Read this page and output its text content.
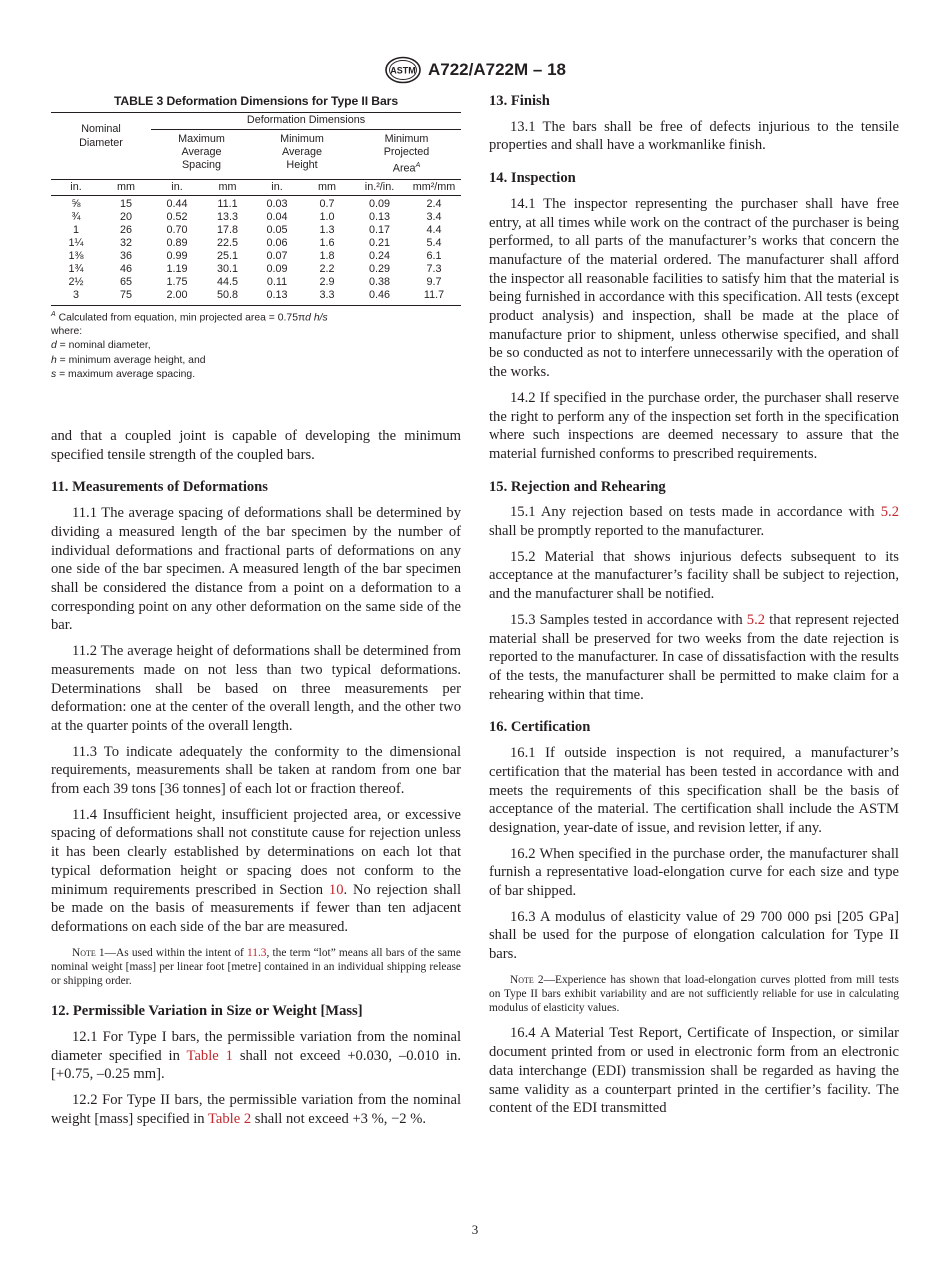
ASTM A722/A722M – 18
TABLE 3 Deformation Dimensions for Type II Bars
Nominal Diameter		Deformation Dimensions					
		Maximum Average Spacing		Minimum Average Height		Minimum Projected Area$^A$
in.	mm	in.	mm	in.	mm	in.²/in.	mm²/mm
⅝	15	0.44	11.1	0.03	0.7	0.09	2.4
¾	20	0.52	13.3	0.04	1.0	0.13	3.4
1	26	0.70	17.8	0.05	1.3	0.17	4.4
1¼	32	0.89	22.5	0.06	1.6	0.21	5.4
1⅜	36	0.99	25.1	0.07	1.8	0.24	6.1
1¾	46	1.19	30.1	0.09	2.2	0.29	7.3
2½	65	1.75	44.5	0.11	2.9	0.38	9.7
3	75	2.00	50.8	0.13	3.3	0.46	11.7
$^A$ Calculated from equation, min projected area = 0.75πd h/s
where:
d = nominal diameter,
h = minimum average height, and
s = maximum average spacing.

and that a coupled joint is capable of developing the minimum specified tensile strength of the coupled bars.

11. Measurements of Deformations

11.1 The average spacing of deformations shall be determined by dividing a measured length of the bar specimen by the number of individual deformations and fractional parts of deformations on any one side of the bar specimen. A measured length of the bar specimen shall be considered the distance from a point on a deformation to a corresponding point on any other deformation on the same side of the bar.

11.2 The average height of deformations shall be determined from measurements made on not less than two typical deformations. Determinations shall be based on three measurements per deformation: one at the center of the overall length, and the other two at the quarter points of the overall length.

11.3 To indicate adequately the conformity to the dimensional requirements, measurements shall be taken at random from one bar from each 39 tons [36 tonnes] of each lot or fraction thereof.

11.4 Insufficient height, insufficient projected area, or excessive spacing of deformations shall not constitute cause for rejection unless it has been clearly established by determinations on each lot that typical deformation height or spacing does not conform to the minimum requirements prescribed in Section 10. No rejection shall be made on the basis of measurements if fewer than ten adjacent deformations on each side of the bar are measured.

Note 1—As used within the intent of 11.3, the term “lot” means all bars of the same nominal weight [mass] per linear foot [metre] contained in an individual shipping release or shipping order.

12. Permissible Variation in Size or Weight [Mass]

12.1 For Type I bars, the permissible variation from the nominal diameter specified in Table 1 shall not exceed +0.030, –0.010 in. [+0.75, –0.25 mm].

12.2 For Type II bars, the permissible variation from the nominal weight [mass] specified in Table 2 shall not exceed +3 %, −2 %.

13. Finish

13.1 The bars shall be free of defects injurious to the tensile properties and shall have a workmanlike finish.

14. Inspection

14.1 The inspector representing the purchaser shall have free entry, at all times while work on the contract of the purchaser is being performed, to all parts of the manufacturer’s works that concern the manufacture of the material ordered. The manufacturer shall afford the inspector all reasonable facilities to satisfy him that the material is being furnished in accordance with this specification. All tests (except product analysis) and inspection, shall be made at the place of manufacture prior to shipment, unless otherwise specified, and shall be so conducted as not to interfere unnecessarily with the operation of the works.

14.2 If specified in the purchase order, the purchaser shall reserve the right to perform any of the inspection set forth in the specification where such inspections are deemed necessary to assure that the material furnished conforms to prescribed requirements.

15. Rejection and Rehearing

15.1 Any rejection based on tests made in accordance with 5.2 shall be promptly reported to the manufacturer.

15.2 Material that shows injurious defects subsequent to its acceptance at the manufacturer’s facility shall be subject to rejection, and the manufacturer shall be notified.

15.3 Samples tested in accordance with 5.2 that represent rejected material shall be preserved for two weeks from the date rejection is reported to the manufacturer. In case of dissatisfaction with the results of the tests, the manufacturer shall be permitted to make claim for a rehearing within that time.

16. Certification

16.1 If outside inspection is not required, a manufacturer’s certification that the material has been tested in accordance with and meets the requirements of this specification shall be the basis of acceptance of the material. The certification shall include the ASTM designation, year-date of issue, and revision letter, if any.

16.2 When specified in the purchase order, the manufacturer shall furnish a representative load-elongation curve for each size and type of bar shipped.

16.3 A modulus of elasticity value of 29 700 000 psi [205 GPa] shall be used for the purpose of elongation calculation for Type II bars.

Note 2—Experience has shown that load-elongation curves plotted from mill tests on Type II bars exhibit variability and are not sufficiently reliable for use in calculating modulus of elasticity values.

16.4 A Material Test Report, Certificate of Inspection, or similar document printed from or used in electronic form from an electronic data interchange (EDI) transmission shall be regarded as having the same validity as a counterpart printed in the certifier’s facility. The content of the EDI transmitted

3
